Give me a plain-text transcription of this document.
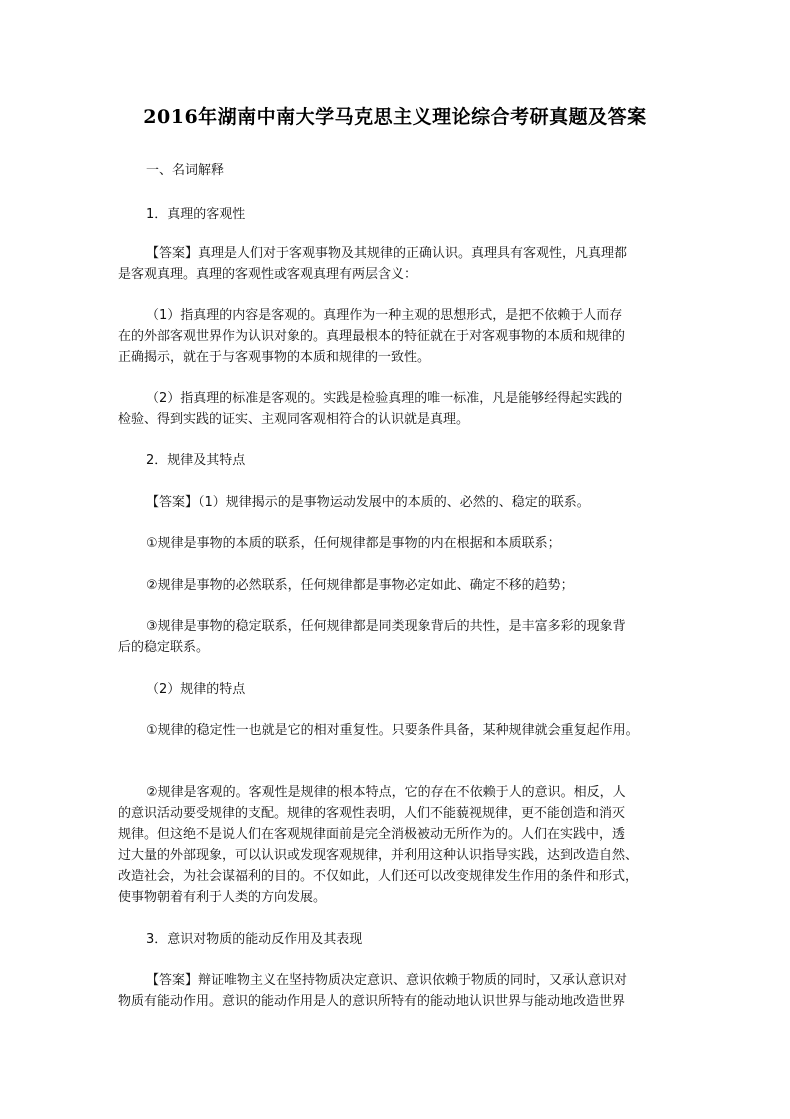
2016年湖南中南大学马克思主义理论综合考研真题及答案

一、名词解释

1．真理的客观性

【答案】真理是人们对于客观事物及其规律的正确认识。真理具有客观性，凡真理都
是客观真理。真理的客观性或客观真理有两层含义：

（1）指真理的内容是客观的。真理作为一种主观的思想形式，是把不依赖于人而存
在的外部客观世界作为认识对象的。真理最根本的特征就在于对客观事物的本质和规律的
正确揭示，就在于与客观事物的本质和规律的一致性。

（2）指真理的标准是客观的。实践是检验真理的唯一标准，凡是能够经得起实践的
检验、得到实践的证实、主观同客观相符合的认识就是真理。

2．规律及其特点

【答案】（1）规律揭示的是事物运动发展中的本质的、必然的、稳定的联系。

①规律是事物的本质的联系，任何规律都是事物的内在根据和本质联系；

②规律是事物的必然联系，任何规律都是事物必定如此、确定不移的趋势；

③规律是事物的稳定联系，任何规律都是同类现象背后的共性，是丰富多彩的现象背
后的稳定联系。

（2）规律的特点

①规律的稳定性一也就是它的相对重复性。只要条件具备，某种规律就会重复起作用。

②规律是客观的。客观性是规律的根本特点，它的存在不依赖于人的意识。相反，人
的意识活动要受规律的支配。规律的客观性表明，人们不能藐视规律，更不能创造和消灭
规律。但这绝不是说人们在客观规律面前是完全消极被动无所作为的。人们在实践中，透
过大量的外部现象，可以认识或发现客观规律，并利用这种认识指导实践，达到改造自然、
改造社会，为社会谋福利的目的。不仅如此，人们还可以改变规律发生作用的条件和形式，
使事物朝着有利于人类的方向发展。

3．意识对物质的能动反作用及其表现

【答案】辩证唯物主义在坚持物质决定意识、意识依赖于物质的同时，又承认意识对
物质有能动作用。意识的能动作用是人的意识所特有的能动地认识世界与能动地改造世界
